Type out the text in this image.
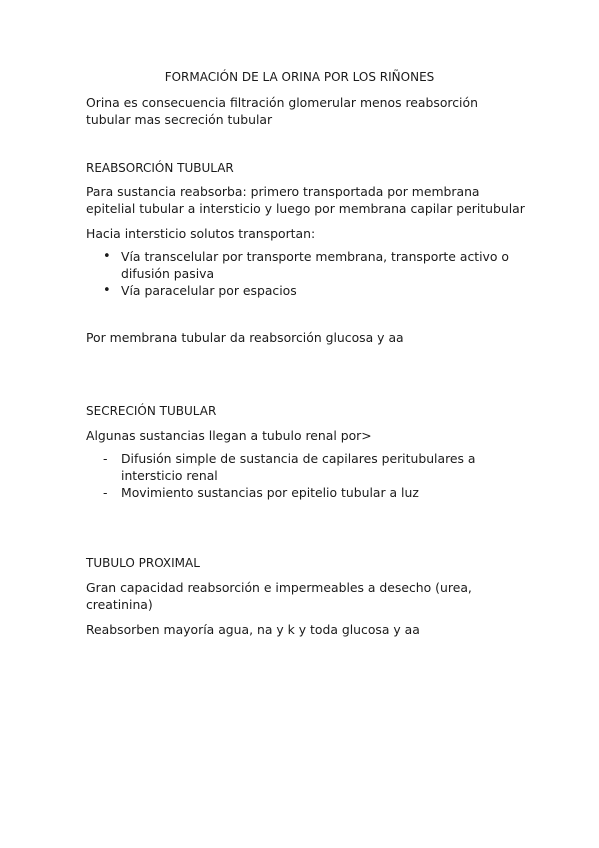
FORMACIÓN DE LA ORINA POR LOS RIÑONES

Orina es consecuencia filtración glomerular menos reabsorción tubular mas secreción tubular

REABSORCIÓN TUBULAR

Para sustancia reabsorba: primero transportada por membrana epitelial tubular a intersticio y luego por membrana capilar peritubular

Hacia intersticio solutos transportan:

• Vía transcelular por transporte membrana, transporte activo o difusión pasiva
• Vía paracelular por espacios

Por membrana tubular da reabsorción glucosa y aa

SECRECIÓN TUBULAR

Algunas sustancias llegan a tubulo renal por>

- Difusión simple de sustancia de capilares peritubulares a intersticio renal
- Movimiento sustancias por epitelio tubular a luz

TUBULO PROXIMAL

Gran capacidad reabsorción e impermeables a desecho (urea, creatinina)

Reabsorben mayoría agua, na y k y toda glucosa y aa
